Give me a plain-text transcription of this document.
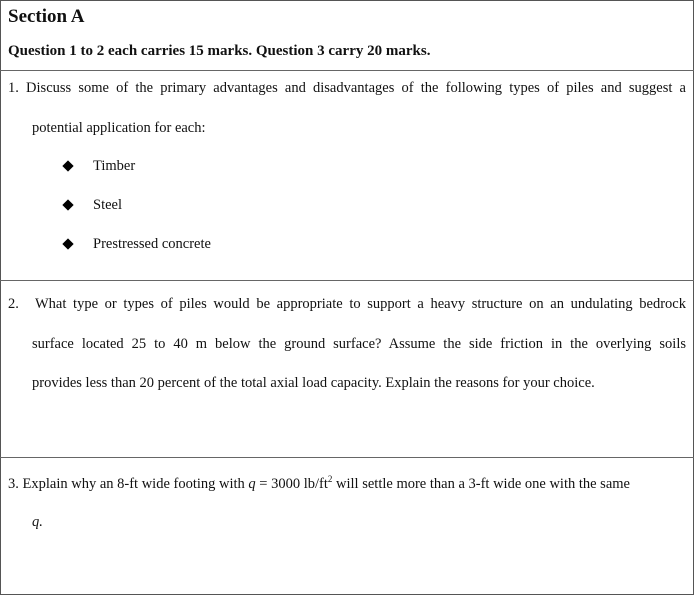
Section A
Question 1 to 2 each carries 15 marks. Question 3 carry 20 marks.
1. Discuss some of the primary advantages and disadvantages of the following types of piles and suggest a
potential application for each:
Timber
Steel
Prestressed concrete
2. What type or types of piles would be appropriate to support a heavy structure on an undulating bedrock
surface located 25 to 40 m below the ground surface? Assume the side friction in the overlying soils
provides less than 20 percent of the total axial load capacity. Explain the reasons for your choice.
3. Explain why an 8-ft wide footing with q = 3000 $lb/ft^2$ will settle more than a 3-ft wide one with the same
q.
